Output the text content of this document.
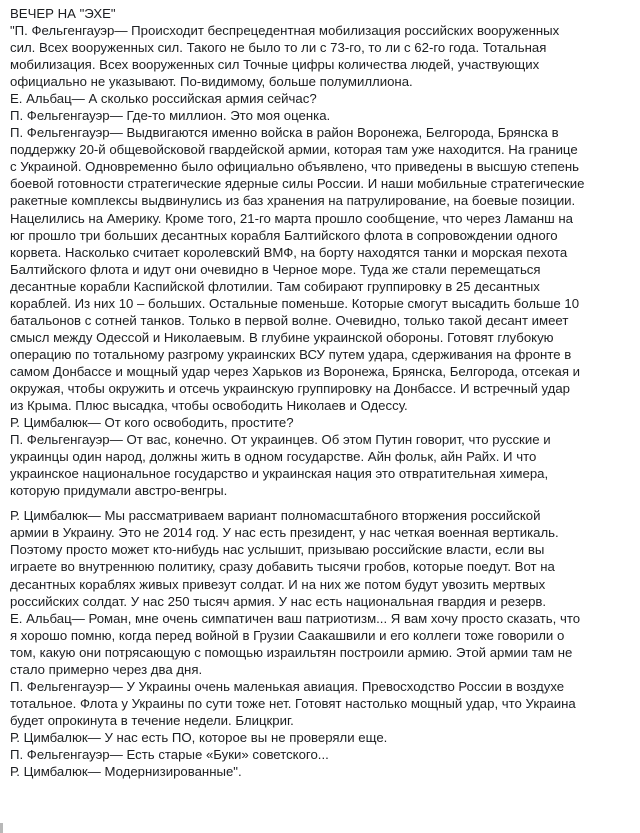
ВЕЧЕР НА "ЭХЕ"
"П. Фельгенгауэр— Происходит беспрецедентная мобилизация российских вооруженных
сил. Всех вооруженных сил. Такого не было то ли с 73-го, то ли с 62-го года. Тотальная
мобилизация. Всех вооруженных сил Точные цифры количества людей, участвующих
официально не указывают. По-видимому, больше полумиллиона.
Е. Альбац— А сколько российская армия сейчас?
П. Фельгенгауэр— Где-то миллион. Это моя оценка.
П. Фельгенгауэр— Выдвигаются именно войска в район Воронежа, Белгорода, Брянска в
поддержку 20-й общевойсковой гвардейской армии, которая там уже находится. На границе
с Украиной. Одновременно было официально объявлено, что приведены в высшую степень
боевой готовности стратегические ядерные силы России. И наши мобильные стратегические
ракетные комплексы выдвинулись из баз хранения на патрулирование, на боевые позиции.
Нацелились на Америку. Кроме того, 21-го марта прошло сообщение, что через Ламанш на
юг прошло три больших десантных корабля Балтийского флота в сопровождении одного
корвета. Насколько считает королевский ВМФ, на борту находятся танки и морская пехота
Балтийского флота и идут они очевидно в Черное море. Туда же стали перемещаться
десантные корабли Каспийской флотилии. Там собирают группировку в 25 десантных
кораблей. Из них 10 – больших. Остальные поменьше. Которые смогут высадить больше 10
батальонов с сотней танков. Только в первой волне. Очевидно, только такой десант имеет
смысл между Одессой и Николаевым. В глубине украинской обороны. Готовят глубокую
операцию по тотальному разгрому украинских ВСУ путем удара, сдерживания на фронте в
самом Донбассе и мощный удар через Харьков из Воронежа, Брянска, Белгорода, отсекая и
окружая, чтобы окружить и отсечь украинскую группировку на Донбассе. И встречный удар
из Крыма. Плюс высадка, чтобы освободить Николаев и Одессу.
Р. Цимбалюк— От кого освободить, простите?
П. Фельгенгауэр— От вас, конечно. От украинцев. Об этом Путин говорит, что русские и
украинцы один народ, должны жить в одном государстве. Айн фольк, айн Райх. И что
украинское национальное государство и украинская нация это отвратительная химера,
которую придумали австро-венгры.
Р. Цимбалюк— Мы рассматриваем вариант полномасштабного вторжения российской
армии в Украину. Это не 2014 год. У нас есть президент, у нас четкая военная вертикаль.
Поэтому просто может кто-нибудь нас услышит, призываю российские власти, если вы
играете во внутреннюю политику, сразу добавить тысячи гробов, которые поедут. Вот на
десантных кораблях живых привезут солдат. И на них же потом будут увозить мертвых
российских солдат. У нас 250 тысяч армия. У нас есть национальная гвардия и резерв.
Е. Альбац— Роман, мне очень симпатичен ваш патриотизм... Я вам хочу просто сказать, что
я хорошо помню, когда перед войной в Грузии Саакашвили и его коллеги тоже говорили о
том, какую они потрясающую с помощью израильтян построили армию. Этой армии там не
стало примерно через два дня.
П. Фельгенгауэр— У Украины очень маленькая авиация. Превосходство России в воздухе
тотальное. Флота у Украины по сути тоже нет. Готовят настолько мощный удар, что Украина
будет опрокинута в течение недели. Блицкриг.
Р. Цимбалюк— У нас есть ПО, которое вы не проверяли еще.
П. Фельгенгауэр— Есть старые «Буки» советского...
Р. Цимбалюк— Модернизированные".
